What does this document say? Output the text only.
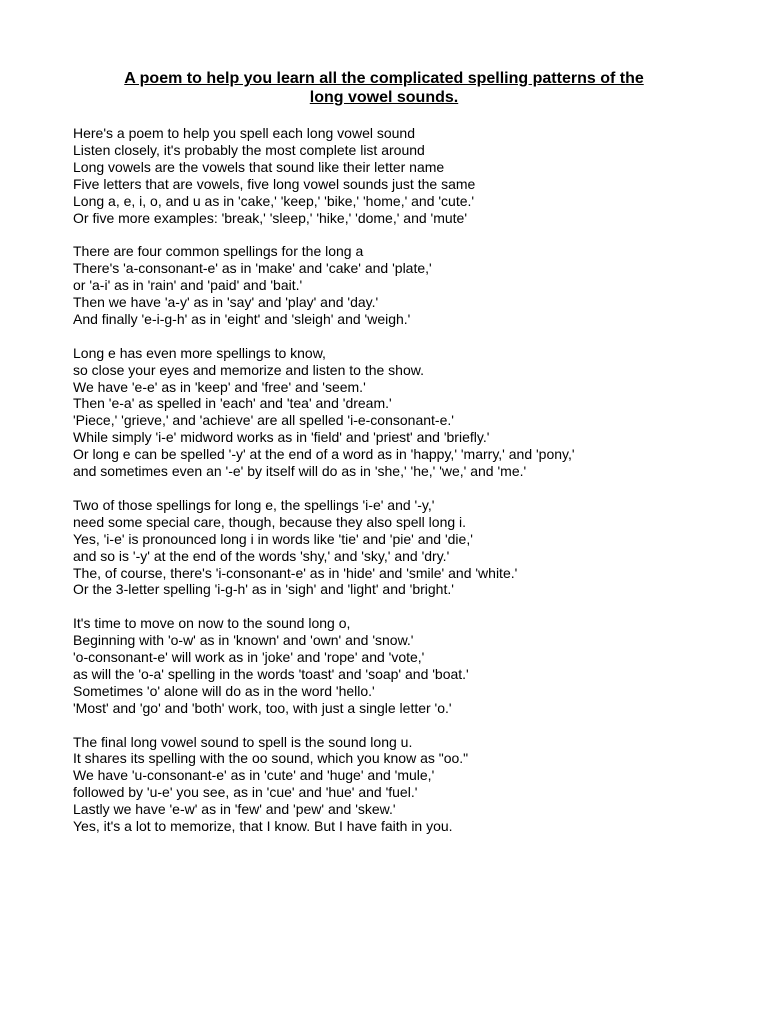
A poem to help you learn all the complicated spelling patterns of the
long vowel sounds.
Here's a poem to help you spell each long vowel sound
Listen closely, it's probably the most complete list around
Long vowels are the vowels that sound like their letter name
Five letters that are vowels, five long vowel sounds just the same
Long a, e, i, o, and u as in 'cake,' 'keep,' 'bike,' 'home,' and 'cute.'
Or five more examples: 'break,' 'sleep,' 'hike,' 'dome,' and 'mute'
There are four common spellings for the long a
There's 'a-consonant-e' as in 'make' and 'cake' and 'plate,'
or 'a-i' as in 'rain' and 'paid' and 'bait.'
Then we have 'a-y' as in 'say' and 'play' and 'day.'
And finally 'e-i-g-h' as in 'eight' and 'sleigh' and 'weigh.'
Long e has even more spellings to know,
so close your eyes and memorize and listen to the show.
We have 'e-e' as in 'keep' and 'free' and 'seem.'
Then 'e-a' as spelled in 'each' and 'tea' and 'dream.'
'Piece,' 'grieve,' and 'achieve' are all spelled 'i-e-consonant-e.'
While simply 'i-e' midword works as in 'field' and 'priest' and 'briefly.'
Or long e can be spelled '-y' at the end of a word as in 'happy,' 'marry,' and 'pony,'
and sometimes even an '-e' by itself will do as in 'she,' 'he,' 'we,' and 'me.'
Two of those spellings for long e, the spellings 'i-e' and '-y,'
need some special care, though, because they also spell long i.
Yes, 'i-e' is pronounced long i in words like 'tie' and 'pie' and 'die,'
and so is '-y' at the end of the words 'shy,' and 'sky,' and 'dry.'
The, of course, there's 'i-consonant-e' as in 'hide' and 'smile' and 'white.'
Or the 3-letter spelling 'i-g-h' as in 'sigh' and 'light' and 'bright.'
It's time to move on now to the sound long o,
Beginning with 'o-w' as in 'known' and 'own' and 'snow.'
'o-consonant-e' will work as in 'joke' and 'rope' and 'vote,'
as will the 'o-a' spelling in the words 'toast' and 'soap' and 'boat.'
Sometimes 'o' alone will do as in the word 'hello.'
'Most' and 'go' and 'both' work, too, with just a single letter 'o.'
The final long vowel sound to spell is the sound long u.
It shares its spelling with the oo sound, which you know as "oo."
We have 'u-consonant-e' as in 'cute' and 'huge' and 'mule,'
followed by 'u-e' you see, as in 'cue' and 'hue' and 'fuel.'
Lastly we have 'e-w' as in 'few' and 'pew' and 'skew.'
Yes, it's a lot to memorize, that I know. But I have faith in you.
